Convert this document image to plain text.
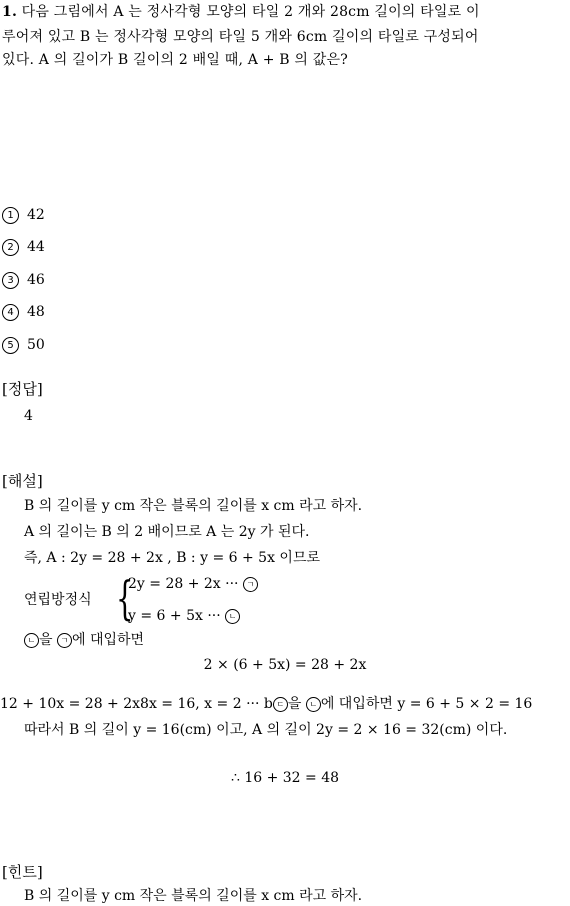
1. 다음 그림에서 A 는 정사각형 모양의 타일 2 개와 28cm 길이의 타일로 이
루어져 있고 B 는 정사각형 모양의 타일 5 개와 6cm 길이의 타일로 구성되어
있다. A 의 길이가 B 길이의 2 배일 때, A + B 의 값은?
1 42
2 44
3 46
4 48
5 50
[정답]
4
[해설]
B 의 길이를 y cm 작은 블록의 길이를 x cm 라고 하자.
A 의 길이는 B 의 2 배이므로 A 는 2y 가 된다.
즉, A : 2y = 28 + 2x , B : y = 6 + 5x 이므로
연립방정식 {
2y = 28 + 2x ··· ㄱ
y = 6 + 5x ··· ㄴ
ㄴ 을 ㄱ 에 대입하면
2 × (6 + 5x) = 28 + 2x
12 + 10x = 28 + 2x8x = 16, x = 2 ··· b ㄷ 을 ㄴ 에 대입하면 y = 6 + 5 × 2 = 16
따라서 B 의 길이 y = 16(cm) 이고, A 의 길이 2y = 2 × 16 = 32(cm) 이다.
∴ 16 + 32 = 48
[힌트]
B 의 길이를 y cm 작은 블록의 길이를 x cm 라고 하자.
